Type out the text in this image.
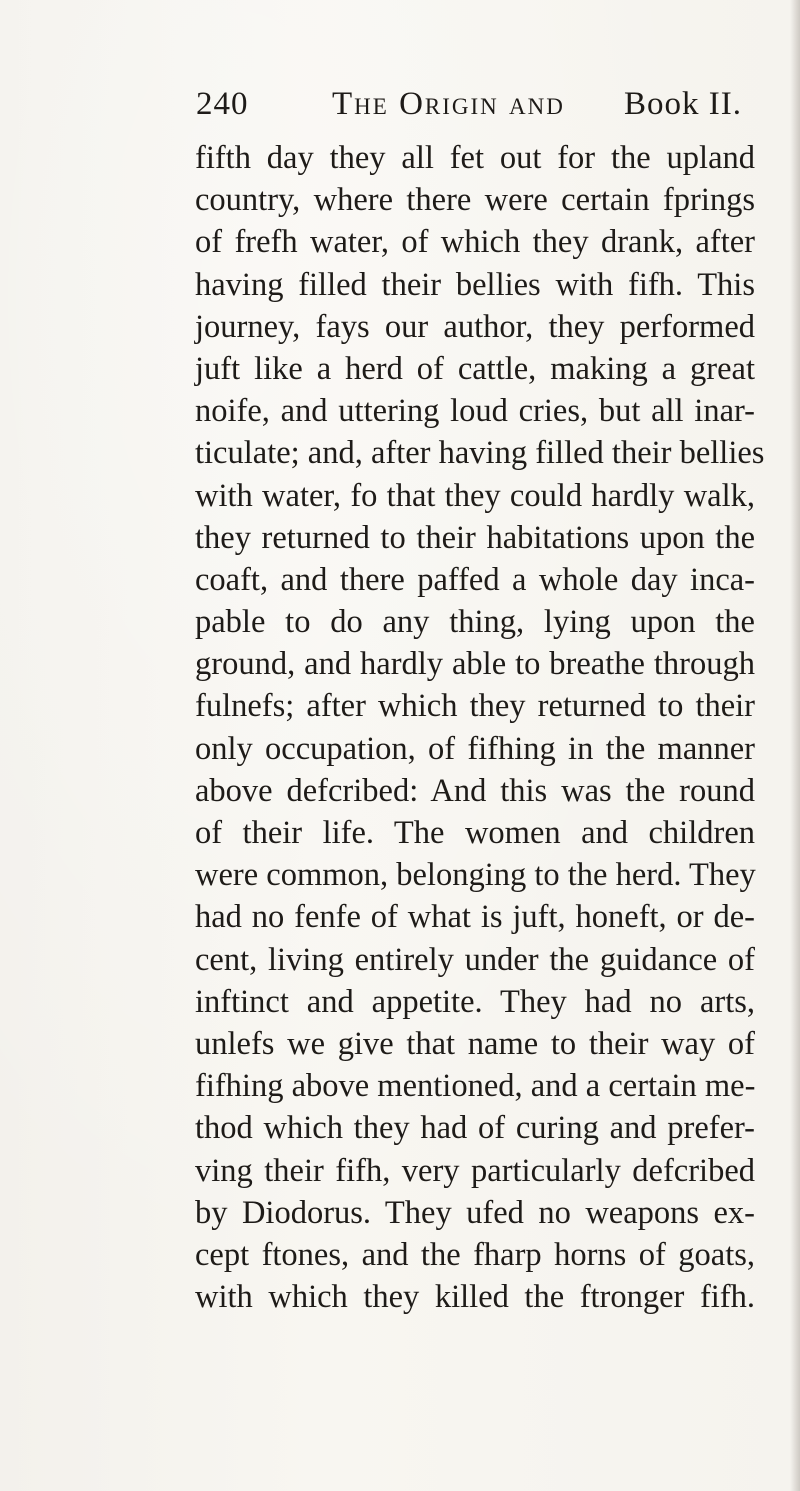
240	The Origin and Book II.
fifth day they all fet out for the upland
country, where there were certain fprings
of frefh water, of which they drank, after
having filled their bellies with fifh. This
journey, fays our author, they performed
juft like a herd of cattle, making a great
noife, and uttering loud cries, but all inar-
ticulate; and, after having filled their bellies
with water, fo that they could hardly walk,
they returned to their habitations upon the
coaft, and there paffed a whole day inca-
pable to do any thing, lying upon the
ground, and hardly able to breathe through
fulnefs; after which they returned to their
only occupation, of fifhing in the manner
above defcribed: And this was the round
of their life. The women and children
were common, belonging to the herd. They
had no fenfe of what is juft, honeft, or de-
cent, living entirely under the guidance of
inftinct and appetite. They had no arts,
unlefs we give that name to their way of
fifhing above mentioned, and a certain me-
thod which they had of curing and prefer-
ving their fifh, very particularly defcribed
by Diodorus. They ufed no weapons ex-
cept ftones, and the fharp horns of goats,
with which they killed the ftronger fifh.
